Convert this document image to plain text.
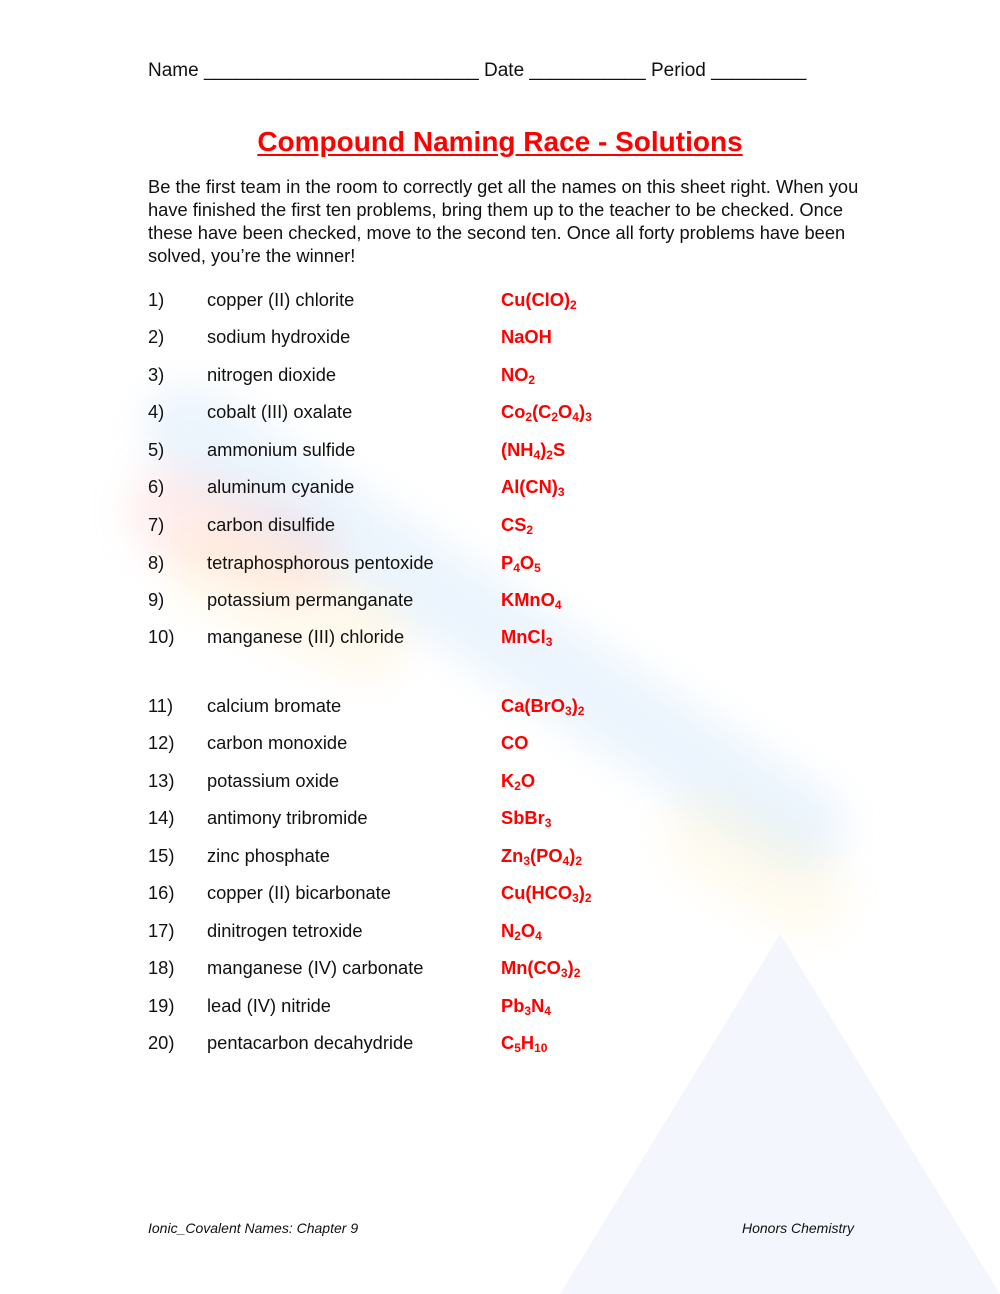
Name __________________________ Date ___________ Period _________
Compound Naming Race - Solutions
Be the first team in the room to correctly get all the names on this sheet right. When you have finished the first ten problems, bring them up to the teacher to be checked. Once these have been checked, move to the second ten. Once all forty problems have been solved, you’re the winner!
1)	copper (II) chlorite	$Cu(ClO)_2$
2)	sodium hydroxide	NaOH
3)	nitrogen dioxide	$NO_2$
4)	cobalt (III) oxalate	$Co_2(C_2O_4)_3$
5)	ammonium sulfide	$(NH_4)_2S$
6)	aluminum cyanide	$Al(CN)_3$
7)	carbon disulfide	$CS_2$
8)	tetraphosphorous pentoxide	$P_4O_5$
9)	potassium permanganate	KMnO$_4$
10)	manganese (III) chloride	MnCl$_3$
11)	calcium bromate	$Ca(BrO_3)_2$
12)	carbon monoxide	CO
13)	potassium oxide	$K_2O$
14)	antimony tribromide	SbBr$_3$
15)	zinc phosphate	$Zn_3(PO_4)_2$
16)	copper (II) bicarbonate	$Cu(HCO_3)_2$
17)	dinitrogen tetroxide	$N_2O_4$
18)	manganese (IV) carbonate	$Mn(CO_3)_2$
19)	lead (IV) nitride	$Pb_3N_4$
20)	pentacarbon decahydride	$C_5H_{10}$
Ionic_Covalent Names: Chapter 9	Honors Chemistry
